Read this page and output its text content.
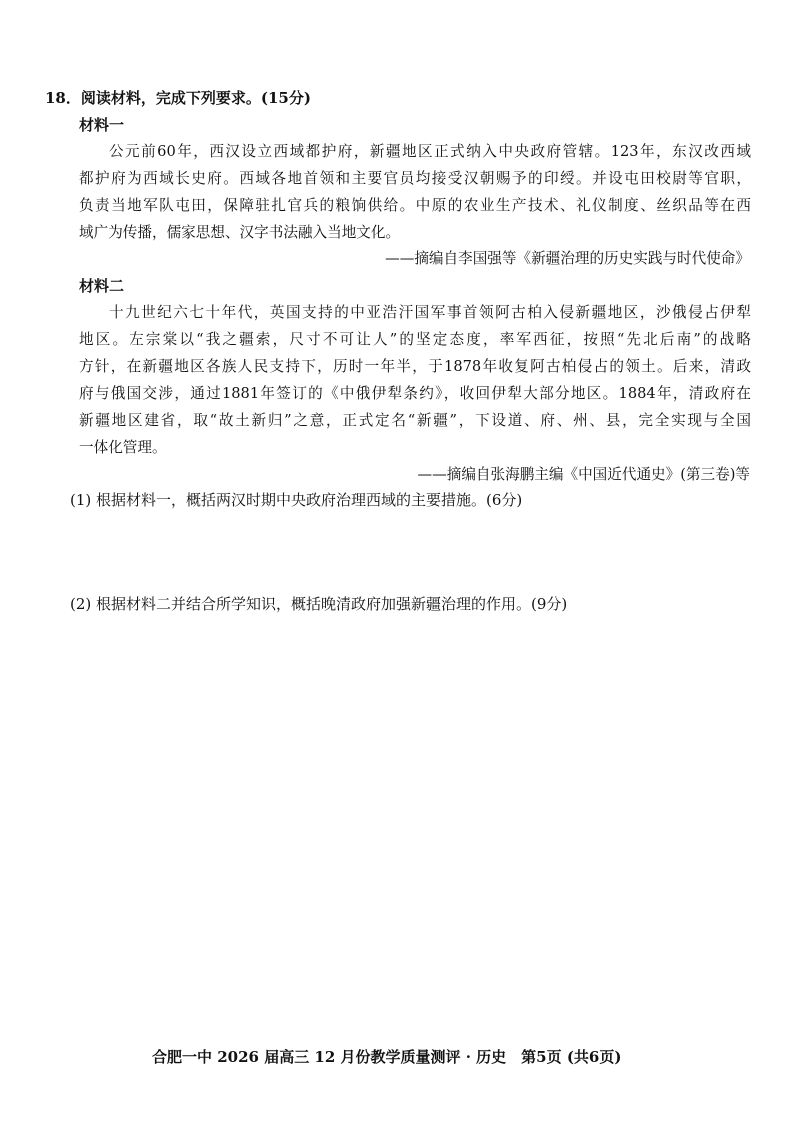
18．阅读材料，完成下列要求。(15分)
材料一
公元前60年，西汉设立西域都护府，新疆地区正式纳入中央政府管辖。123年，东汉改西域
都护府为西域长史府。西域各地首领和主要官员均接受汉朝赐予的印绶。并设屯田校尉等官职，
负责当地军队屯田，保障驻扎官兵的粮饷供给。中原的农业生产技术、礼仪制度、丝织品等在西
域广为传播，儒家思想、汉字书法融入当地文化。
——摘编自李国强等《新疆治理的历史实践与时代使命》
材料二
十九世纪六七十年代，英国支持的中亚浩汗国军事首领阿古柏入侵新疆地区，沙俄侵占伊犁
地区。左宗棠以“我之疆索，尺寸不可让人”的坚定态度，率军西征，按照“先北后南”的战略
方针，在新疆地区各族人民支持下，历时一年半，于1878年收复阿古柏侵占的领土。后来，清政
府与俄国交涉，通过1881年签订的《中俄伊犁条约》，收回伊犁大部分地区。1884年，清政府在
新疆地区建省，取“故土新归”之意，正式定名“新疆”，下设道、府、州、县，完全实现与全国
一体化管理。
——摘编自张海鹏主编《中国近代通史》(第三卷)等
(1) 根据材料一，概括两汉时期中央政府治理西域的主要措施。(6分)
(2) 根据材料二并结合所学知识，概括晚清政府加强新疆治理的作用。(9分)
合肥一中 2026 届高三 12 月份教学质量测评 · 历史　第5页 (共6页)
